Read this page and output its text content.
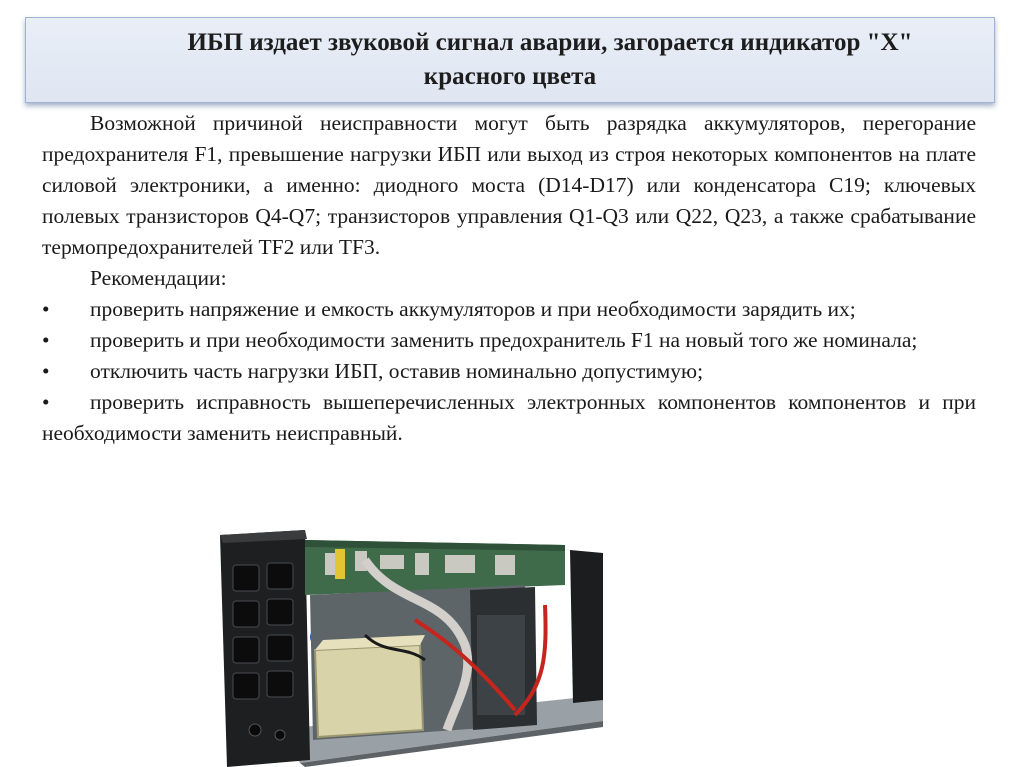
ИБП издает звуковой сигнал аварии, загорается индикатор "Х"
красного цвета

Возможной причиной неисправности могут быть разрядка аккумуляторов, перегорание предохранителя F1, превышение нагрузки ИБП или выход из строя некоторых компонентов на плате силовой электроники, а именно: диодного моста (D14-D17) или конденсатора С19; ключевых полевых транзисторов Q4-Q7; транзисторов управления Q1-Q3 или Q22, Q23, а также срабатывание термопредохранителей TF2 или TF3.

Рекомендации:

• проверить напряжение и емкость аккумуляторов и при необходимости зарядить их;

• проверить и при необходимости заменить предохранитель F1 на новый того же номинала;

• отключить часть нагрузки ИБП, оставив номинально допустимую;

• проверить исправность вышеперечисленных электронных компонентов компонентов и при необходимости заменить неисправный.
